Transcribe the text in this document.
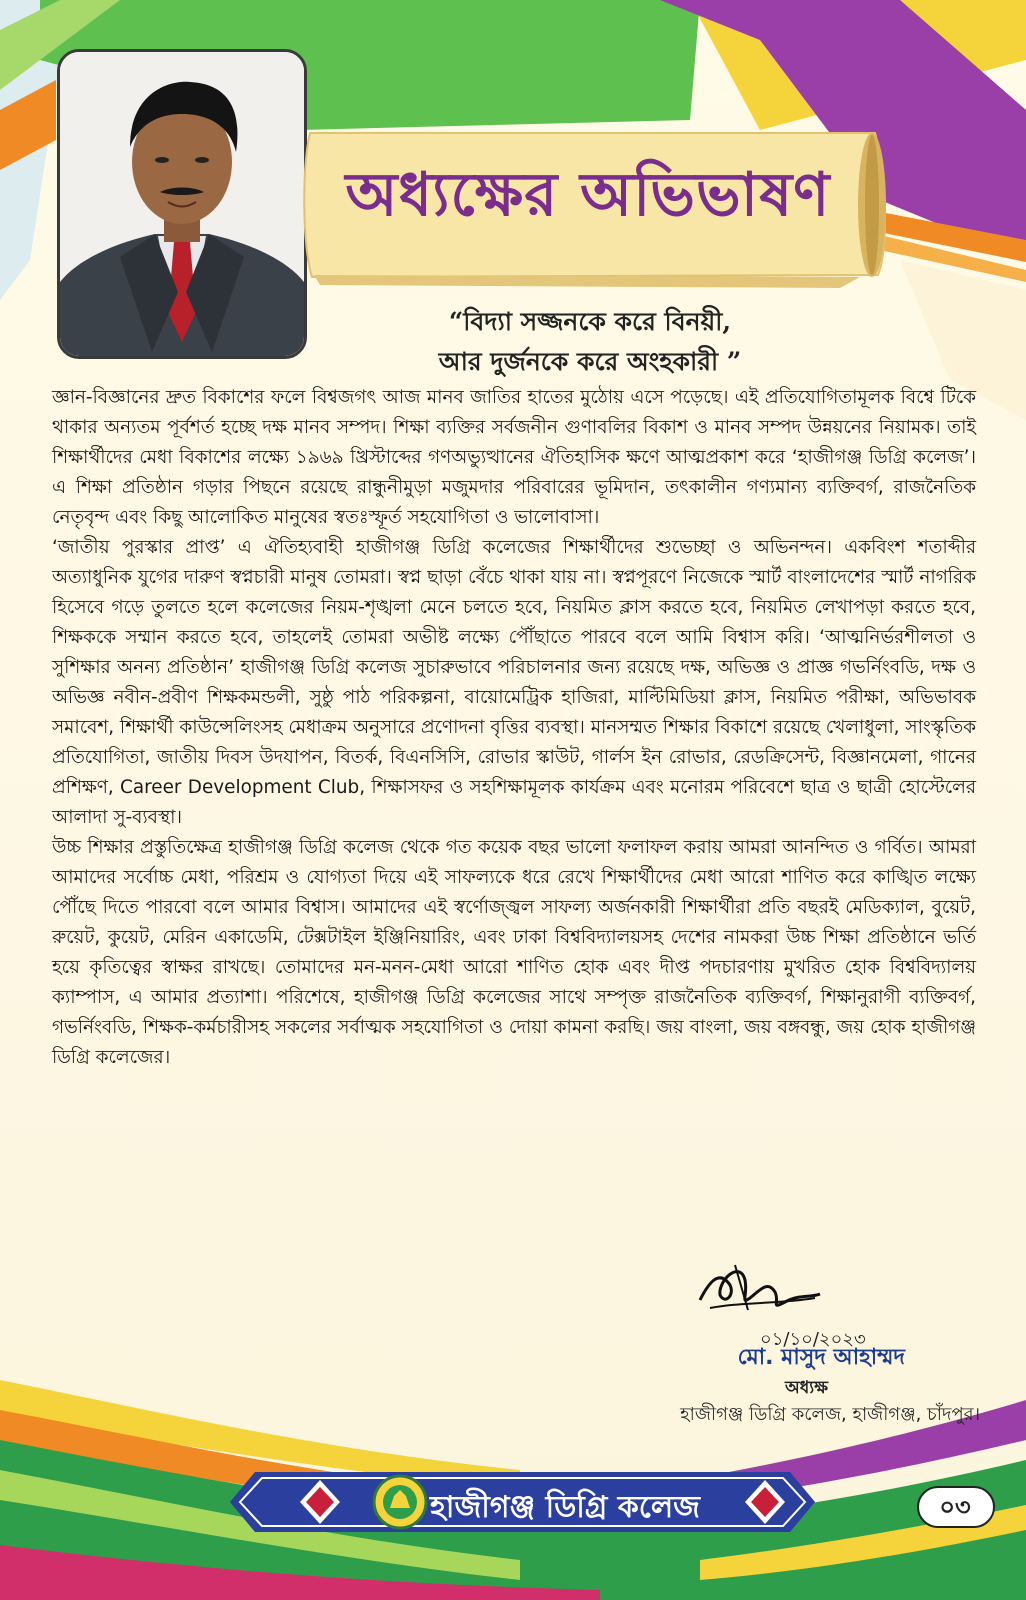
অধ্যক্ষের অভিভাষণ
“বিদ্যা সজ্জনকে করে বিনয়ী,
আর দুর্জনকে করে অংহকারী ”

জ্ঞান-বিজ্ঞানের দ্রুত বিকাশের ফলে বিশ্বজগৎ আজ মানব জাতির হাতের মুঠোয় এসে পড়েছে। এই প্রতিযোগিতামূলক বিশ্বে টিকে থাকার অন্যতম পূর্বশর্ত হচ্ছে দক্ষ মানব সম্পদ। শিক্ষা ব্যক্তির সর্বজনীন গুণাবলির বিকাশ ও মানব সম্পদ উন্নয়নের নিয়ামক। তাই শিক্ষার্থীদের মেধা বিকাশের লক্ষ্যে ১৯৬৯ খ্রিস্টাব্দের গণঅভ্যুত্থানের ঐতিহাসিক ক্ষণে আত্মপ্রকাশ করে ‘হাজীগঞ্জ ডিগ্রি কলেজ’। এ শিক্ষা প্রতিষ্ঠান গড়ার পিছনে রয়েছে রান্ধুনীমুড়া মজুমদার পরিবারের ভূমিদান, তৎকালীন গণ্যমান্য ব্যক্তিবর্গ, রাজনৈতিক নেতৃবৃন্দ এবং কিছু আলোকিত মানুষের স্বতঃস্ফূর্ত সহযোগিতা ও ভালোবাসা।

‘জাতীয় পুরস্কার প্রাপ্ত’ এ ঐতিহ্যবাহী হাজীগঞ্জ ডিগ্রি কলেজের শিক্ষার্থীদের শুভেচ্ছা ও অভিনন্দন। একবিংশ শতাব্দীর অত্যাধুনিক যুগের দারুণ স্বপ্নচারী মানুষ তোমরা। স্বপ্ন ছাড়া বেঁচে থাকা যায় না। স্বপ্নপূরণে নিজেকে স্মার্ট বাংলাদেশের স্মার্ট নাগরিক হিসেবে গড়ে তুলতে হলে কলেজের নিয়ম-শৃঙ্খলা মেনে চলতে হবে, নিয়মিত ক্লাস করতে হবে, নিয়মিত লেখাপড়া করতে হবে, শিক্ষককে সম্মান করতে হবে, তাহলেই তোমরা অভীষ্ট লক্ষ্যে পৌঁছাতে পারবে বলে আমি বিশ্বাস করি। ‘আত্মনির্ভরশীলতা ও সুশিক্ষার অনন্য প্রতিষ্ঠান’ হাজীগঞ্জ ডিগ্রি কলেজ সুচারুভাবে পরিচালনার জন্য রয়েছে দক্ষ, অভিজ্ঞ ও প্রাজ্ঞ গভর্নিংবডি, দক্ষ ও অভিজ্ঞ নবীন-প্রবীণ শিক্ষকমন্ডলী, সুষ্ঠু পাঠ পরিকল্পনা, বায়োমেট্রিক হাজিরা, মাল্টিমিডিয়া ক্লাস, নিয়মিত পরীক্ষা, অভিভাবক সমাবেশ, শিক্ষার্থী কাউন্সেলিংসহ মেধাক্রম অনুসারে প্রণোদনা বৃত্তির ব্যবস্থা। মানসম্মত শিক্ষার বিকাশে রয়েছে খেলাধুলা, সাংস্কৃতিক প্রতিযোগিতা, জাতীয় দিবস উদযাপন, বিতর্ক, বিএনসিসি, রোভার স্কাউট, গার্লস ইন রোভার, রেডক্রিসেন্ট, বিজ্ঞানমেলা, গানের প্রশিক্ষণ, Career Development Club, শিক্ষাসফর ও সহশিক্ষামূলক কার্যক্রম এবং মনোরম পরিবেশে ছাত্র ও ছাত্রী হোস্টেলের আলাদা সু-ব্যবস্থা।

উচ্চ শিক্ষার প্রস্তুতিক্ষেত্র হাজীগঞ্জ ডিগ্রি কলেজ থেকে গত কয়েক বছর ভালো ফলাফল করায় আমরা আনন্দিত ও গর্বিত। আমরা আমাদের সর্বোচ্চ মেধা, পরিশ্রম ও যোগ্যতা দিয়ে এই সাফল্যকে ধরে রেখে শিক্ষার্থীদের মেধা আরো শাণিত করে কাঙ্খিত লক্ষ্যে পৌঁছে দিতে পারবো বলে আমার বিশ্বাস। আমাদের এই স্বর্ণোজ্জ্বল সাফল্য অর্জনকারী শিক্ষার্থীরা প্রতি বছরই মেডিক্যাল, বুয়েট, রুয়েট, কুয়েট, মেরিন একাডেমি, টেক্সটাইল ইঞ্জিনিয়ারিং, এবং ঢাকা বিশ্ববিদ্যালয়সহ দেশের নামকরা উচ্চ শিক্ষা প্রতিষ্ঠানে ভর্তি হয়ে কৃতিত্বের স্বাক্ষর রাখছে। তোমাদের মন-মনন-মেধা আরো শাণিত হোক এবং দীপ্ত পদচারণায় মুখরিত হোক বিশ্ববিদ্যালয় ক্যাম্পাস, এ আমার প্রত্যাশা। পরিশেষে, হাজীগঞ্জ ডিগ্রি কলেজের সাথে সম্পৃক্ত রাজনৈতিক ব্যক্তিবর্গ, শিক্ষানুরাগী ব্যক্তিবর্গ, গভর্নিংবডি, শিক্ষক-কর্মচারীসহ সকলের সর্বাত্মক সহযোগিতা ও দোয়া কামনা করছি। জয় বাংলা, জয় বঙ্গবন্ধু, জয় হোক হাজীগঞ্জ ডিগ্রি কলেজের।

০১/১০/২০২৩
মো. মাসুদ আহাম্মদ
অধ্যক্ষ
হাজীগঞ্জ ডিগ্রি কলেজ, হাজীগঞ্জ, চাঁদপুর।
হাজীগঞ্জ ডিগ্রি কলেজ	০৩
